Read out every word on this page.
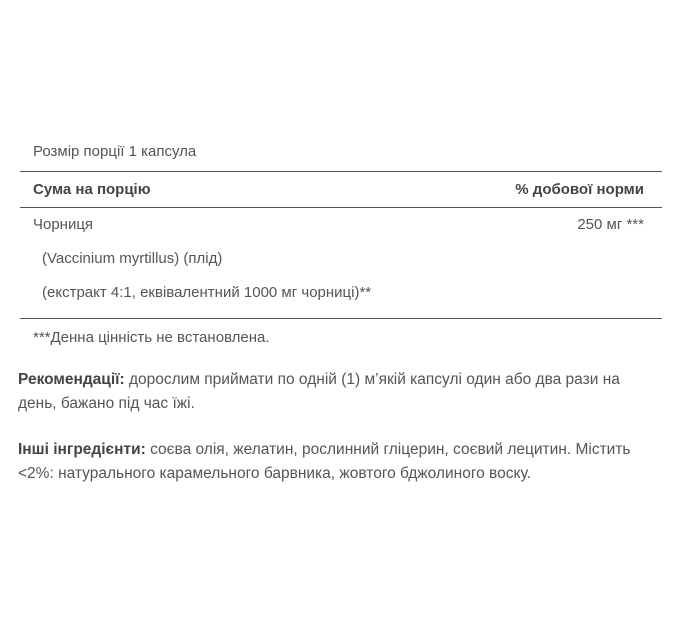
Розмір порції 1 капсула
Сума на порцію	% добової норми
Чорниця	250 мг ***
(Vaccinium myrtillus) (плід)
(екстракт 4:1, еквівалентний 1000 мг чорниці)**
***Денна цінність не встановлена.
Рекомендації: дорослим приймати по одній (1) м’якій капсулі один або два рази на день, бажано під час їжі.
Інші інгредієнти: соєва олія, желатин, рослинний гліцерин, соєвий лецитин. Містить <2%: натурального карамельного барвника, жовтого бджолиного воску.
